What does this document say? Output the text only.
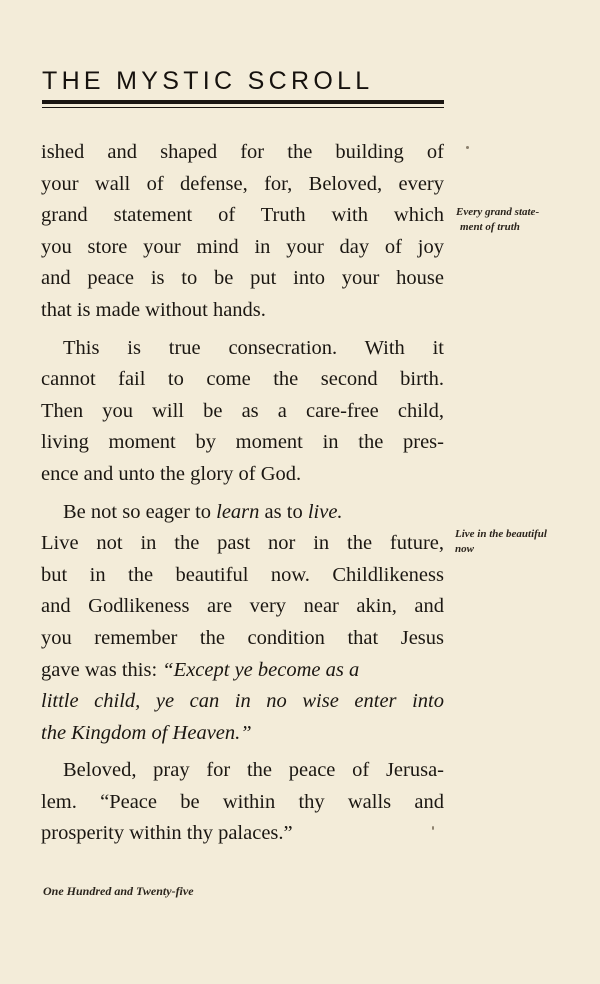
THE MYSTIC SCROLL
ished and shaped for the building of
your wall of defense, for, Beloved, every
grand statement of Truth with which
you store your mind in your day of joy
and peace is to be put into your house
that is made without hands.
This is true consecration. With it
cannot fail to come the second birth.
Then you will be as a care-free child,
living moment by moment in the pres-
ence and unto the glory of God.
Be not so eager to learn as to live.
Live not in the past nor in the future,
but in the beautiful now. Childlikeness
and Godlikeness are very near akin, and
you remember the condition that Jesus
gave was this: “Except ye become as a
little child, ye can in no wise enter into
the Kingdom of Heaven.”
Beloved, pray for the peace of Jerusa-
lem. “Peace be within thy walls and
prosperity within thy palaces.”
Every grand state-
ment of truth
Live in the beautiful
now
One Hundred and Twenty-five
